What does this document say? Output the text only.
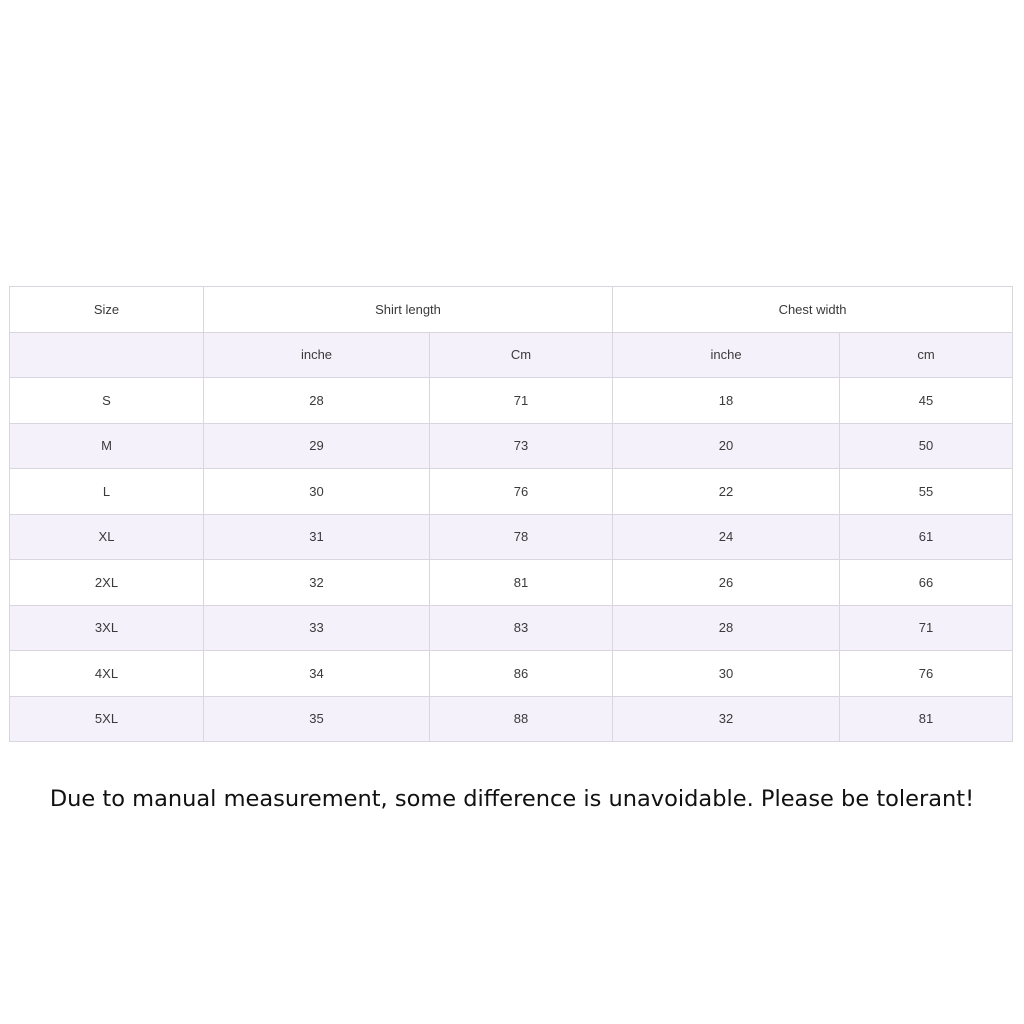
Size	Shirt length		Chest width	
	inche	Cm	inche	cm
S	28	71	18	45
M	29	73	20	50
L	30	76	22	55
XL	31	78	24	61
2XL	32	81	26	66
3XL	33	83	28	71
4XL	34	86	30	76
5XL	35	88	32	81
Due to manual measurement, some difference is unavoidable. Please be tolerant!
